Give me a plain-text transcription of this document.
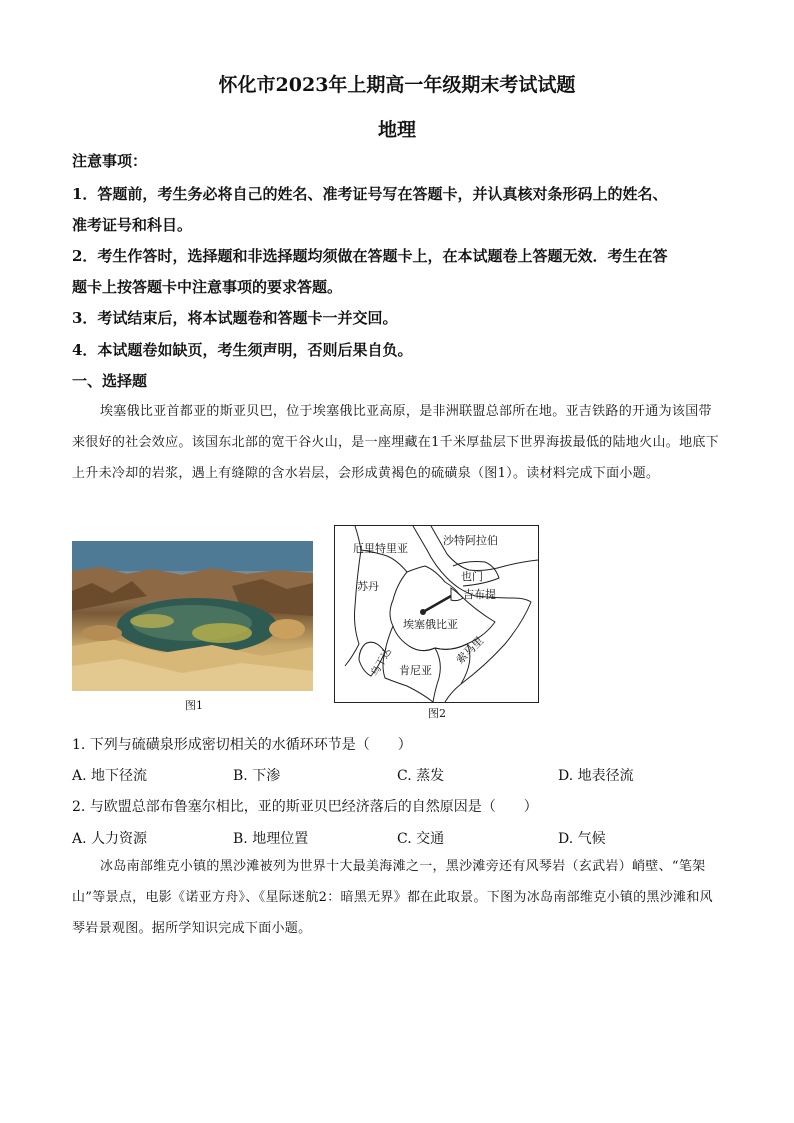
怀化市2023年上期高一年级期末考试试题
地理
注意事项：
1．答题前，考生务必将自己的姓名、准考证号写在答题卡，并认真核对条形码上的姓名、
准考证号和科目。
2．考生作答时，选择题和非选择题均须做在答题卡上，在本试题卷上答题无效．考生在答
题卡上按答题卡中注意事项的要求答题。
3．考试结束后，将本试题卷和答题卡一并交回。
4．本试题卷如缺页，考生须声明，否则后果自负。
一、选择题
埃塞俄比亚首都亚的斯亚贝巴，位于埃塞俄比亚高原，是非洲联盟总部所在地。亚吉铁路的开通为该国带来很好的社会效应。该国东北部的宽干谷火山，是一座埋藏在1千米厚盐层下世界海拔最低的陆地火山。地底下上升未冷却的岩浆，遇上有缝隙的含水岩层，会形成黄褐色的硫磺泉（图1）。读材料完成下面小题。
图1
厄里特里亚
沙特阿拉伯
苏丹
也门
吉布提
埃塞俄比亚
乌干达 肯尼亚
索马里
图2
1. 下列与硫磺泉形成密切相关的水循环环节是（　　）
A. 地下径流	B. 下渗	C. 蒸发	D. 地表径流
2. 与欧盟总部布鲁塞尔相比，亚的斯亚贝巴经济落后的自然原因是（　　）
A. 人力资源	B. 地理位置	C. 交通	D. 气候
冰岛南部维克小镇的黑沙滩被列为世界十大最美海滩之一，黑沙滩旁还有风琴岩（玄武岩）峭壁、“笔架山”等景点，电影《诺亚方舟》、《星际迷航2：暗黑无界》都在此取景。下图为冰岛南部维克小镇的黑沙滩和风琴岩景观图。据所学知识完成下面小题。
